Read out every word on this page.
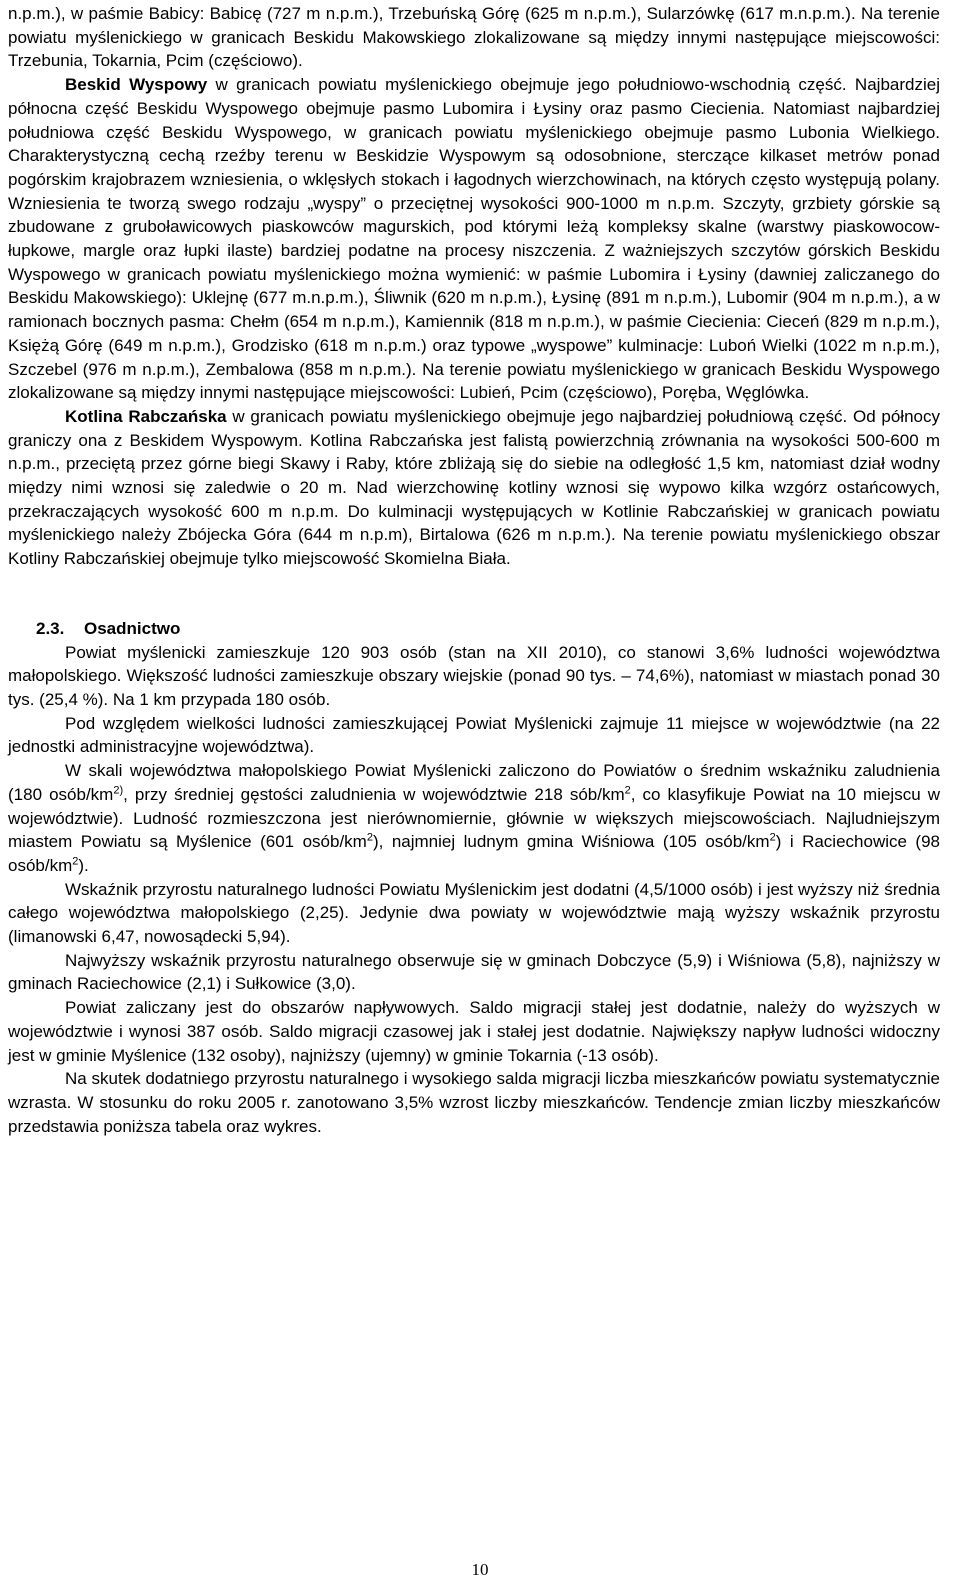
n.p.m.), w paśmie Babicy: Babicę (727 m n.p.m.), Trzebuńską Górę (625 m n.p.m.), Sularzówkę (617 m.n.p.m.). Na terenie powiatu myślenickiego w granicach Beskidu Makowskiego zlokalizowane są między innymi następujące miejscowości: Trzebunia, Tokarnia, Pcim (częściowo).

Beskid Wyspowy w granicach powiatu myślenickiego obejmuje jego południowo-wschodnią część. Najbardziej północna część Beskidu Wyspowego obejmuje pasmo Lubomira i Łysiny oraz pasmo Ciecienia. Natomiast najbardziej południowa część Beskidu Wyspowego, w granicach powiatu myślenickiego obejmuje pasmo Lubonia Wielkiego. Charakterystyczną cechą rzeźby terenu w Beskidzie Wyspowym są odosobnione, sterczące kilkaset metrów ponad pogórskim krajobrazem wzniesienia, o wklęsłych stokach i łagodnych wierzchowinach, na których często występują polany. Wzniesienia te tworzą swego rodzaju „wyspy” o przeciętnej wysokości 900-1000 m n.p.m. Szczyty, grzbiety górskie są zbudowane z gruboławicowych piaskowców magurskich, pod którymi leżą kompleksy skalne (warstwy piaskowocow-łupkowe, margle oraz łupki ilaste) bardziej podatne na procesy niszczenia. Z ważniejszych szczytów górskich Beskidu Wyspowego w granicach powiatu myślenickiego można wymienić: w paśmie Lubomira i Łysiny (dawniej zaliczanego do Beskidu Makowskiego): Uklejnę (677 m.n.p.m.), Śliwnik (620 m n.p.m.), Łysinę (891 m n.p.m.), Lubomir (904 m n.p.m.), a w ramionach bocznych pasma: Chełm (654 m n.p.m.), Kamiennik (818 m n.p.m.), w paśmie Ciecienia: Cieceń (829 m n.p.m.), Księżą Górę (649 m n.p.m.), Grodzisko (618 m n.p.m.) oraz typowe „wyspowe” kulminacje: Luboń Wielki (1022 m n.p.m.), Szczebel (976 m n.p.m.), Zembalowa (858 m n.p.m.). Na terenie powiatu myślenickiego w granicach Beskidu Wyspowego zlokalizowane są między innymi następujące miejscowości: Lubień, Pcim (częściowo), Poręba, Węglówka.

Kotlina Rabczańska w granicach powiatu myślenickiego obejmuje jego najbardziej południową część. Od północy graniczy ona z Beskidem Wyspowym. Kotlina Rabczańska jest falistą powierzchnią zrównania na wysokości 500-600 m n.p.m., przeciętą przez górne biegi Skawy i Raby, które zbliżają się do siebie na odległość 1,5 km, natomiast dział wodny między nimi wznosi się zaledwie o 20 m. Nad wierzchowinę kotliny wznosi się wypowo kilka wzgórz ostańcowych, przekraczających wysokość 600 m n.p.m. Do kulminacji występujących w Kotlinie Rabczańskiej w granicach powiatu myślenickiego należy Zbójecka Góra (644 m n.p.m), Birtalowa (626 m n.p.m.). Na terenie powiatu myślenickiego obszar Kotliny Rabczańskiej obejmuje tylko miejscowość Skomielna Biała.

2.3. Osadnictwo

Powiat myślenicki zamieszkuje 120 903 osób (stan na XII 2010), co stanowi 3,6% ludności województwa małopolskiego. Większość ludności zamieszkuje obszary wiejskie (ponad 90 tys. – 74,6%), natomiast w miastach ponad 30 tys. (25,4 %). Na 1 km przypada 180 osób.

Pod względem wielkości ludności zamieszkującej Powiat Myślenicki zajmuje 11 miejsce w województwie (na 22 jednostki administracyjne województwa).

W skali województwa małopolskiego Powiat Myślenicki zaliczono do Powiatów o średnim wskaźniku zaludnienia (180 osób/$km^{2)}$, przy średniej gęstości zaludnienia w województwie 218 sób/$km^2$, co klasyfikuje Powiat na 10 miejscu w województwie). Ludność rozmieszczona jest nierównomiernie, głównie w większych miejscowościach. Najludniejszym miastem Powiatu są Myślenice (601 osób/$km^2$), najmniej ludnym gmina Wiśniowa (105 osób/$km^2$) i Raciechowice (98 osób/$km^2$).

Wskaźnik przyrostu naturalnego ludności Powiatu Myślenickim jest dodatni (4,5/1000 osób) i jest wyższy niż średnia całego województwa małopolskiego (2,25). Jedynie dwa powiaty w województwie mają wyższy wskaźnik przyrostu (limanowski 6,47, nowosądecki 5,94).

Najwyższy wskaźnik przyrostu naturalnego obserwuje się w gminach Dobczyce (5,9) i Wiśniowa (5,8), najniższy w gminach Raciechowice (2,1) i Sułkowice (3,0).

Powiat zaliczany jest do obszarów napływowych. Saldo migracji stałej jest dodatnie, należy do wyższych w województwie i wynosi 387 osób. Saldo migracji czasowej jak i stałej jest dodatnie. Największy napływ ludności widoczny jest w gminie Myślenice (132 osoby), najniższy (ujemny) w gminie Tokarnia (-13 osób).

Na skutek dodatniego przyrostu naturalnego i wysokiego salda migracji liczba mieszkańców powiatu systematycznie wzrasta. W stosunku do roku 2005 r. zanotowano 3,5% wzrost liczby mieszkańców. Tendencje zmian liczby mieszkańców przedstawia poniższa tabela oraz wykres.

10
